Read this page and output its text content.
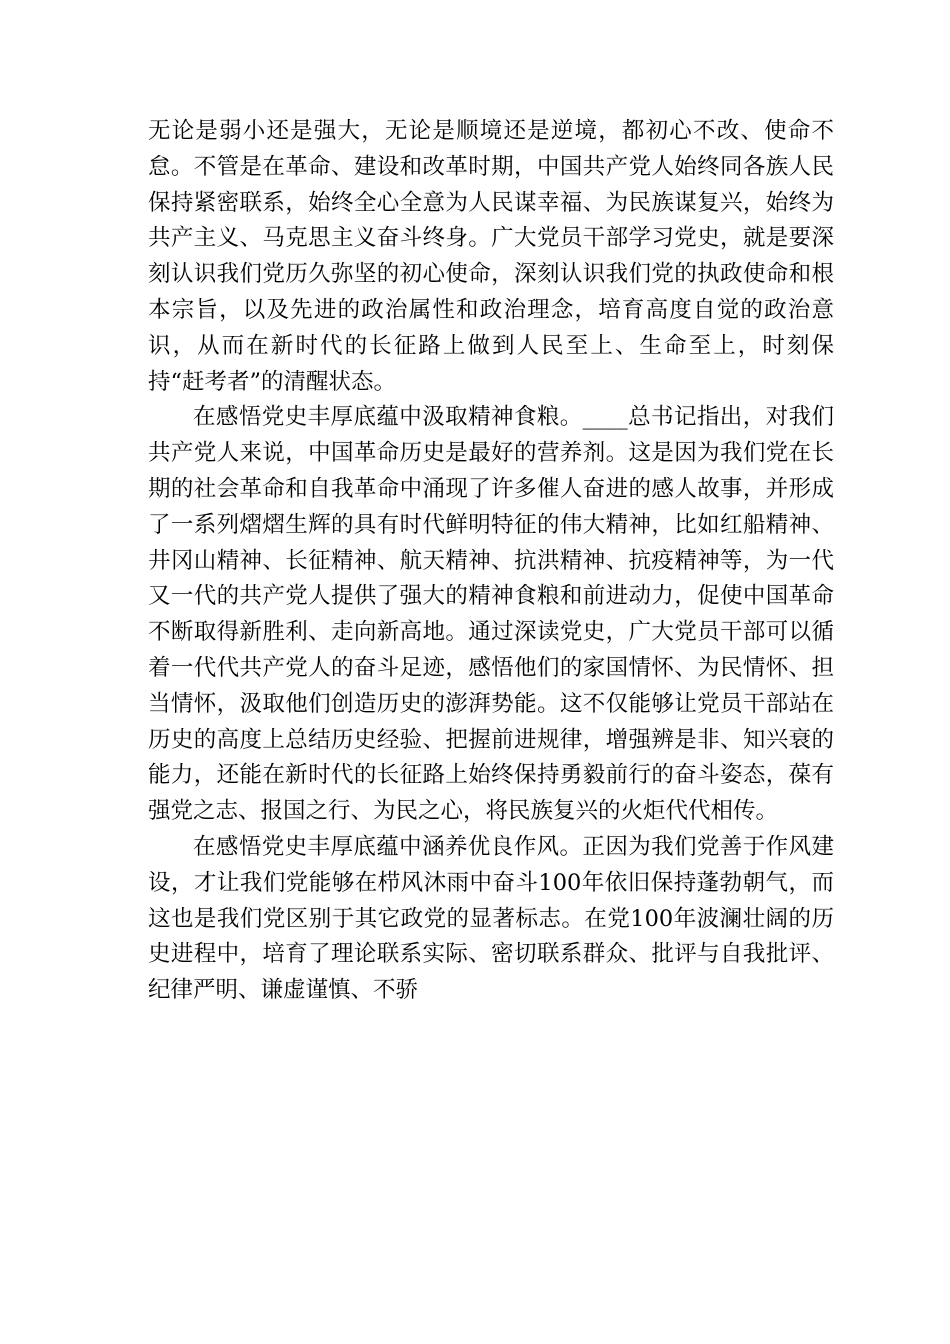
无论是弱小还是强大，无论是顺境还是逆境，都初心不改、使命不怠。不管是在革命、建设和改革时期，中国共产党人始终同各族人民保持紧密联系，始终全心全意为人民谋幸福、为民族谋复兴，始终为共产主义、马克思主义奋斗终身。广大党员干部学习党史，就是要深刻认识我们党历久弥坚的初心使命，深刻认识我们党的执政使命和根本宗旨，以及先进的政治属性和政治理念，培育高度自觉的政治意识，从而在新时代的长征路上做到人民至上、生命至上，时刻保持“赶考者”的清醒状态。

在感悟党史丰厚底蕴中汲取精神食粮。____总书记指出，对我们共产党人来说，中国革命历史是最好的营养剂。这是因为我们党在长期的社会革命和自我革命中涌现了许多催人奋进的感人故事，并形成了一系列熠熠生辉的具有时代鲜明特征的伟大精神，比如红船精神、井冈山精神、长征精神、航天精神、抗洪精神、抗疫精神等，为一代又一代的共产党人提供了强大的精神食粮和前进动力，促使中国革命不断取得新胜利、走向新高地。通过深读党史，广大党员干部可以循着一代代共产党人的奋斗足迹，感悟他们的家国情怀、为民情怀、担当情怀，汲取他们创造历史的澎湃势能。这不仅能够让党员干部站在历史的高度上总结历史经验、把握前进规律，增强辨是非、知兴衰的能力，还能在新时代的长征路上始终保持勇毅前行的奋斗姿态，葆有强党之志、报国之行、为民之心，将民族复兴的火炬代代相传。

在感悟党史丰厚底蕴中涵养优良作风。正因为我们党善于作风建设，才让我们党能够在栉风沐雨中奋斗100年依旧保持蓬勃朝气，而这也是我们党区别于其它政党的显著标志。在党100年波澜壮阔的历史进程中，培育了理论联系实际、密切联系群众、批评与自我批评、纪律严明、谦虚谨慎、不骄
